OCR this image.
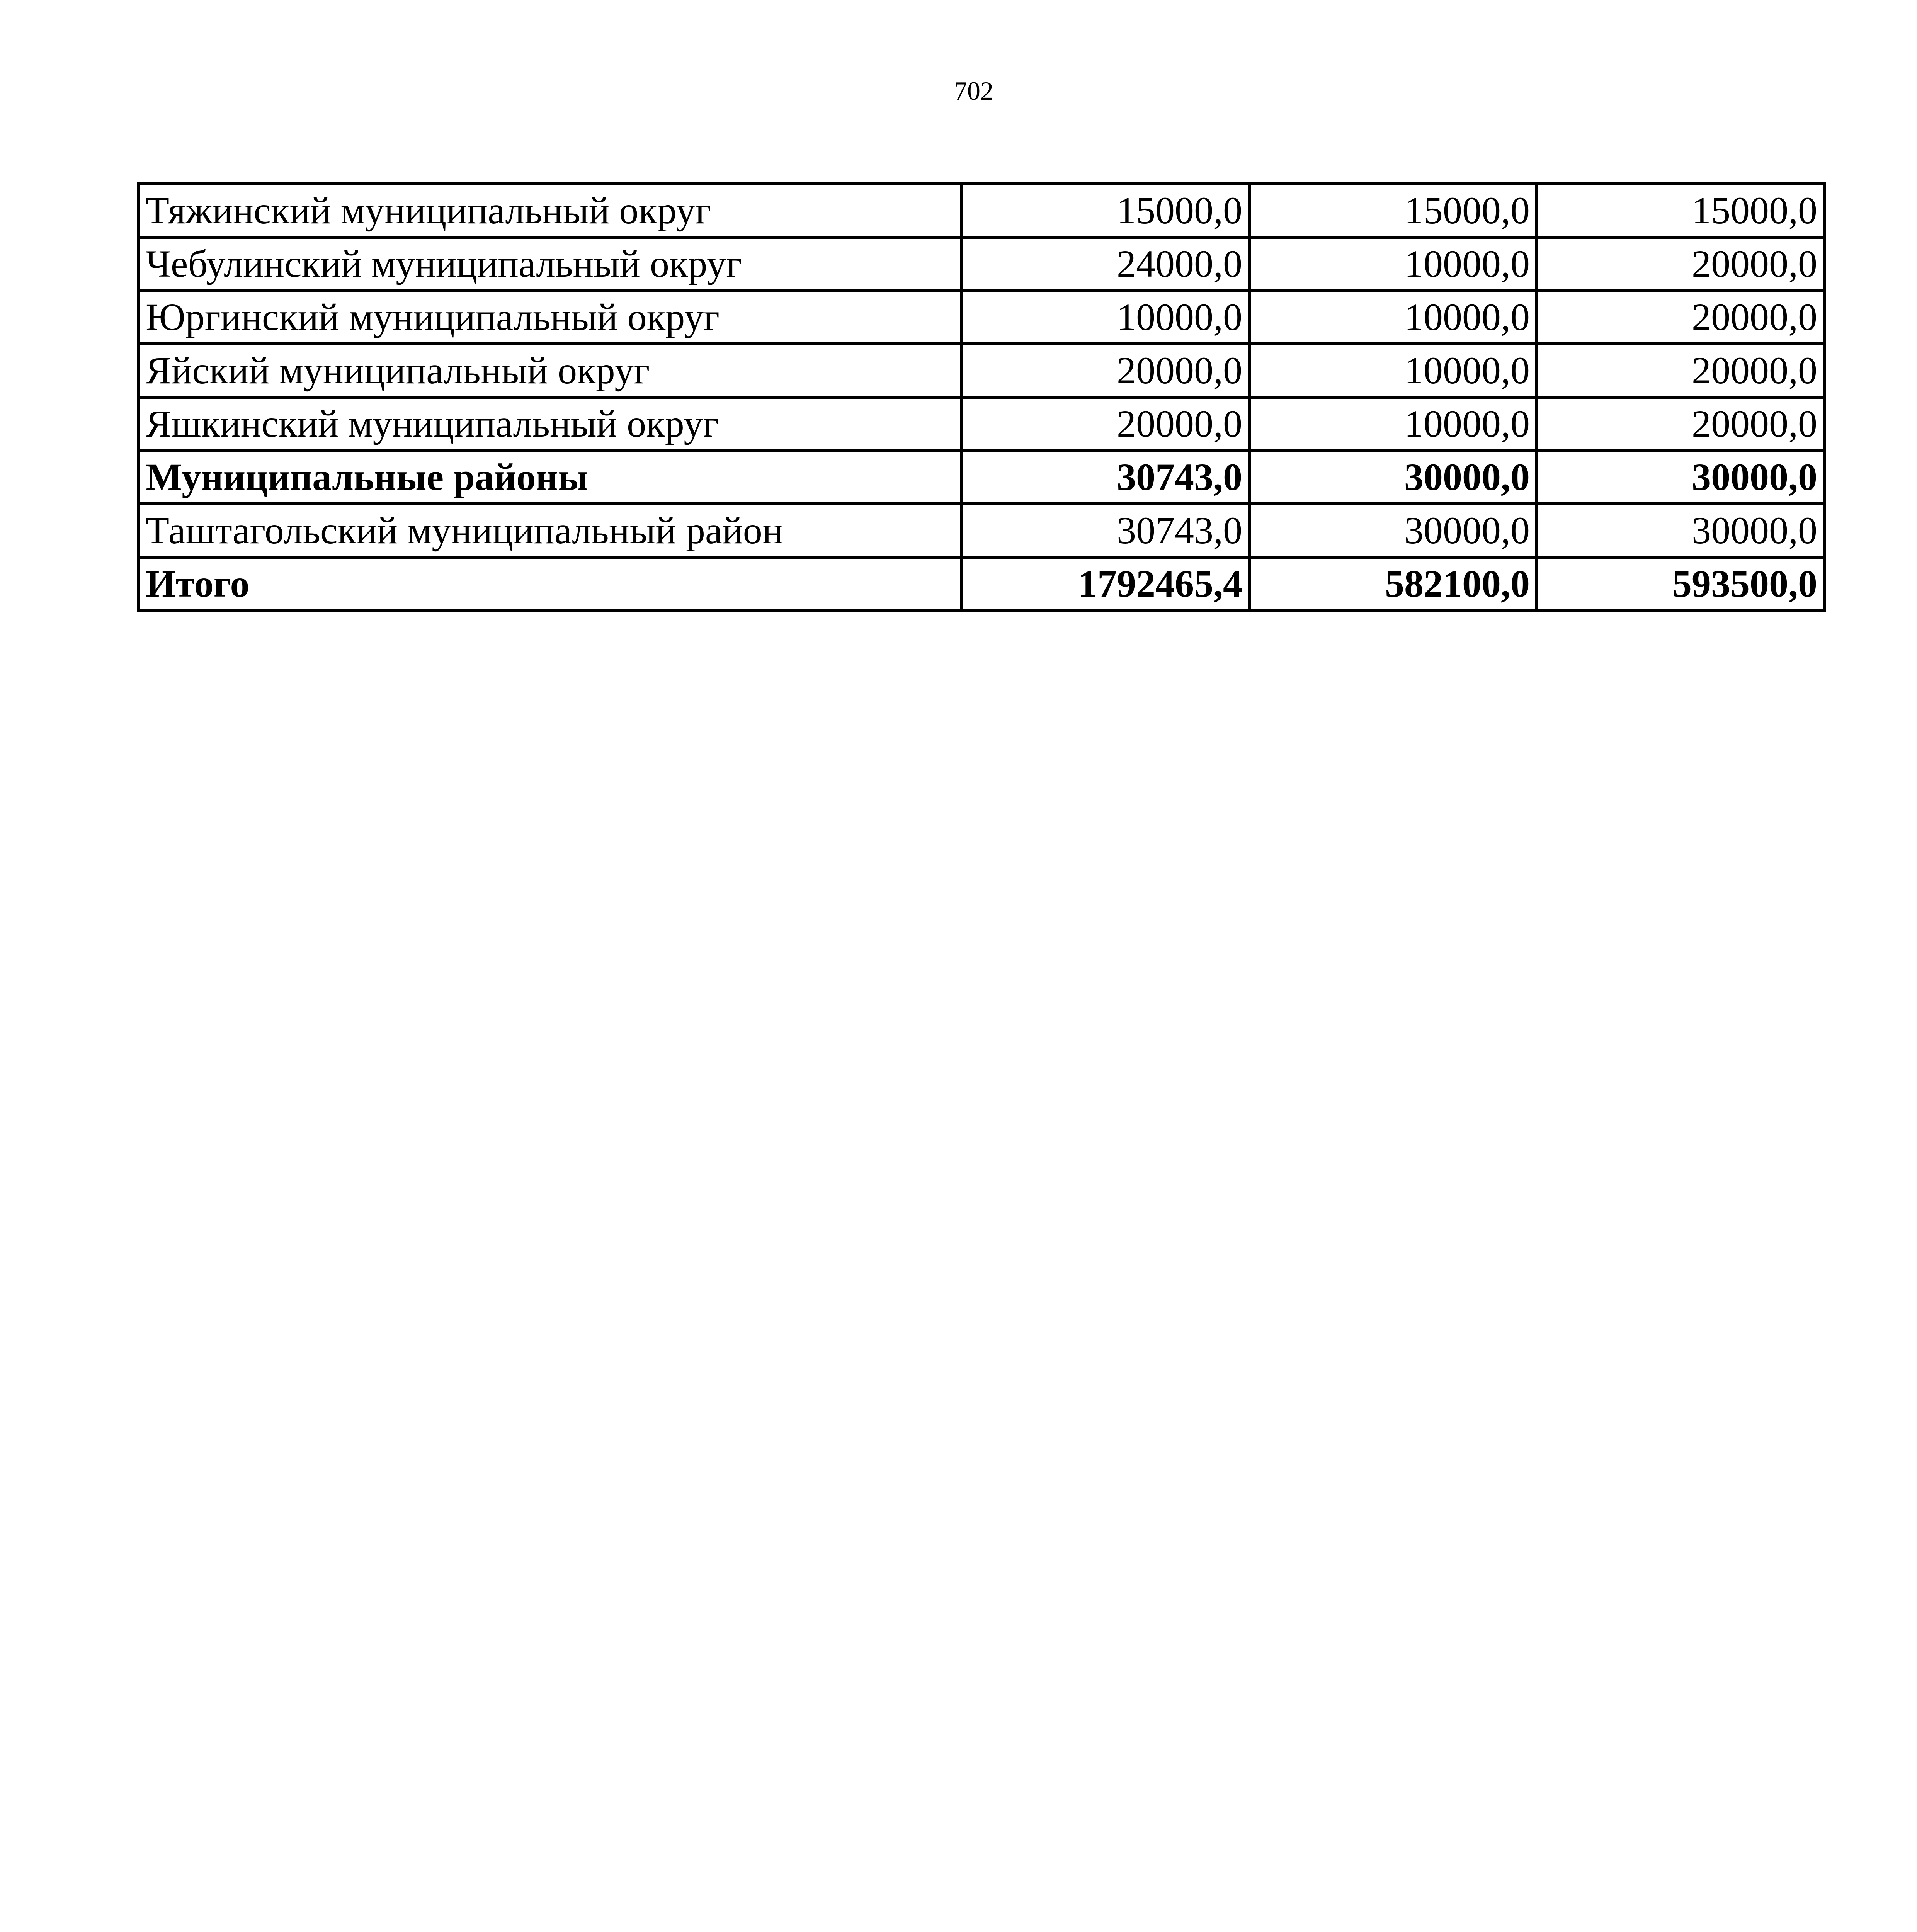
702
Тяжинский муниципальный округ	15000,0	15000,0	15000,0
Чебулинский муниципальный округ	24000,0	10000,0	20000,0
Юргинский муниципальный округ	10000,0	10000,0	20000,0
Яйский муниципальный округ	20000,0	10000,0	20000,0
Яшкинский муниципальный округ	20000,0	10000,0	20000,0
Муниципальные районы	30743,0	30000,0	30000,0
Таштагольский муниципальный район	30743,0	30000,0	30000,0
Итого	1792465,4	582100,0	593500,0
